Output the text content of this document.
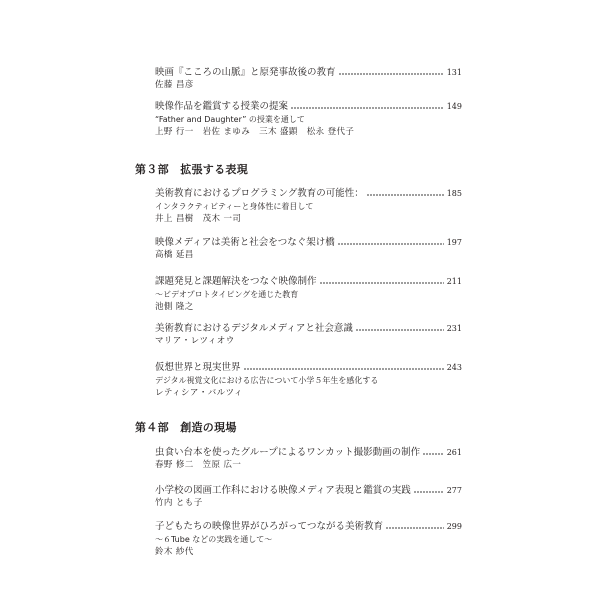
映画『こころの山脈』と原発事故後の教育	131
佐藤 昌彦
映像作品を鑑賞する授業の提案	149
“Father and Daughter” の授業を通して
上野 行一　岩佐 まゆみ　三木 盛顕　松永 登代子
第３部　拡張する表現
美術教育におけるプログラミング教育の可能性：	185
インタラクティビティーと身体性に着目して
井上 昌樹　茂木 一司
映像メディアは美術と社会をつなぐ架け橋	197
高橋 延昌
課題発見と課題解決をつなぐ映像制作	211
〜ビデオプロトタイピングを通じた教育
池側 隆之
美術教育におけるデジタルメディアと社会意識	231
マリア・レツィオウ
仮想世界と現実世界	243
デジタル視覚文化における広告について小学５年生を感化する
レティシア・バルツィ
第４部　創造の現場
虫食い台本を使ったグループによるワンカット撮影動画の制作	261
春野 修二　笠原 広一
小学校の図画工作科における映像メディア表現と鑑賞の実践	277
竹内 とも子
子どもたちの映像世界がひろがってつながる美術教育	299
〜６Tube などの実践を通して〜
鈴木 紗代
